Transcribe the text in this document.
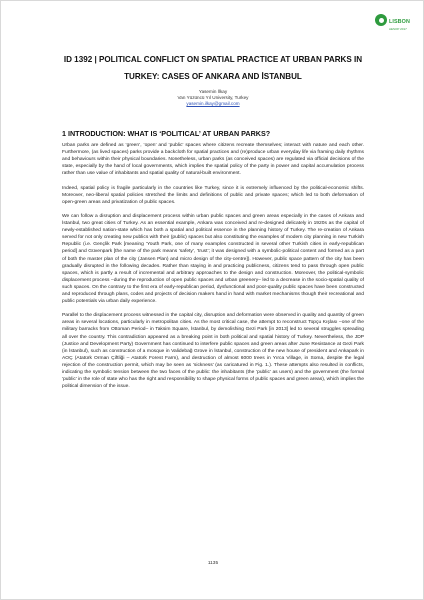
LISBON
AESOP 2017
ID 1392 | POLITICAL CONFLICT ON SPATIAL PRACTICE AT URBAN PARKS IN TURKEY: CASES OF ANKARA AND İSTANBUL
Yasemin İlkay
Van Yüzüncü Yıl University, Turkey
yasemin.ilkay@gmail.com
1 INTRODUCTION: WHAT IS ‘POLITICAL’ AT URBAN PARKS?

Urban parks are defined as ‘green’, ‘open’ and ‘public’ spaces where citizens recreate themselves; interact with nature and each other. Furthermore, (as lived spaces) parks provide a backcloth for spatial practices and (re)produce urban everyday life via framing daily rhythms and behaviours within their physical boundaries. Nonetheless, urban parks (as conceived spaces) are regulated via official decisions of the state, especially by the hand of local governments, which implies the spatial policy of the party in power and capital accumulation process rather than use value of inhabitants and spatial quality of natural-built environment.

Indeed, spatial policy is fragile particularly in the countries like Turkey, since it is extremely influenced by the political-economic shifts. Moreover, neo-liberal spatial policies stretched the limits and definitions of public and private spaces; which led to both deformation of open-green areas and privatization of public spaces.

We can follow a disruption and displacement process within urban public spaces and green areas especially in the cases of Ankara and İstanbul, two great cities of Turkey. As an essential example, Ankara was conceived and re-designed delicately in 1920s as the capital of newly-established nation-state which has both a spatial and political essence in the planning history of Turkey. The re-creation of Ankara served for not only creating new publics with their (public) spaces but also constituting the examples of modern city planning in new Turkish Republic (i.e. Gençlik Park [meaning ‘Youth Park, one of many examples constructed in several other Turkish cities in early-republican period] and Güvenpark [the name of the park means ‘safety’, ‘trust’; it was designed with a symbolic-political content and formed as a part of both the master plan of the city (Jansen Plan) and micro design of the city-centre]). However, public space pattern of the city has been gradually disrupted in the following decades. Rather than staying in and practicing publicness, citizens tend to pass through open public spaces, which is partly a result of incremental and arbitrary approaches to the design and construction. Moreover, the political-symbolic displacement process –during the reproduction of open public spaces and urban greenery– led to a decrease in the socio-spatial quality of such spaces. On the contrary to the first era of early-republican period, dysfunctional and poor-quality public spaces have been constructed and reproduced through plans, codes and projects of decision makers hand in hand with market mechanisms though their recreational and public potentials via urban daily experience.

Parallel to the displacement process witnessed in the capital city, disruption and deformation were observed in quality and quantity of green areas in several locations, particularly in metropolitan cities. As the most critical case, the attempt to reconstruct Topçu Kışlası –one of the military barracks from Ottoman Period– in Taksim Square, İstanbul, by demolishing Gezi Park [in 2013] led to several struggles spreading all over the country. This contradiction appeared as a breaking point in both political and spatial history of Turkey. Nevertheless, the JDP (Justice and Development Party) Government has continued to interfere public spaces and green areas after June Resistance at Gezi Park (in İstanbul), such as construction of a mosque in Validebağ Grove in İstanbul, construction of the new house of president and Ankapark in AOÇ (Atatürk Orman Çiftliği – Atatürk Forest Farm), and destruction of almost 6000 trees in Yırca Village, in Soma, despite the legal rejection of the construction permit, which may be seen as ‘sickness’ (as caricatured in Fig. 1.). These attempts also resulted in conflicts, indicating the symbolic tension between the two faces of the public: the inhabitants (the ‘public’ as users) and the government (the formal ‘public’ in the role of state who has the right and responsibility to shape physical forms of public spaces and green areas), which implies the political dimension of the issue.

1135
